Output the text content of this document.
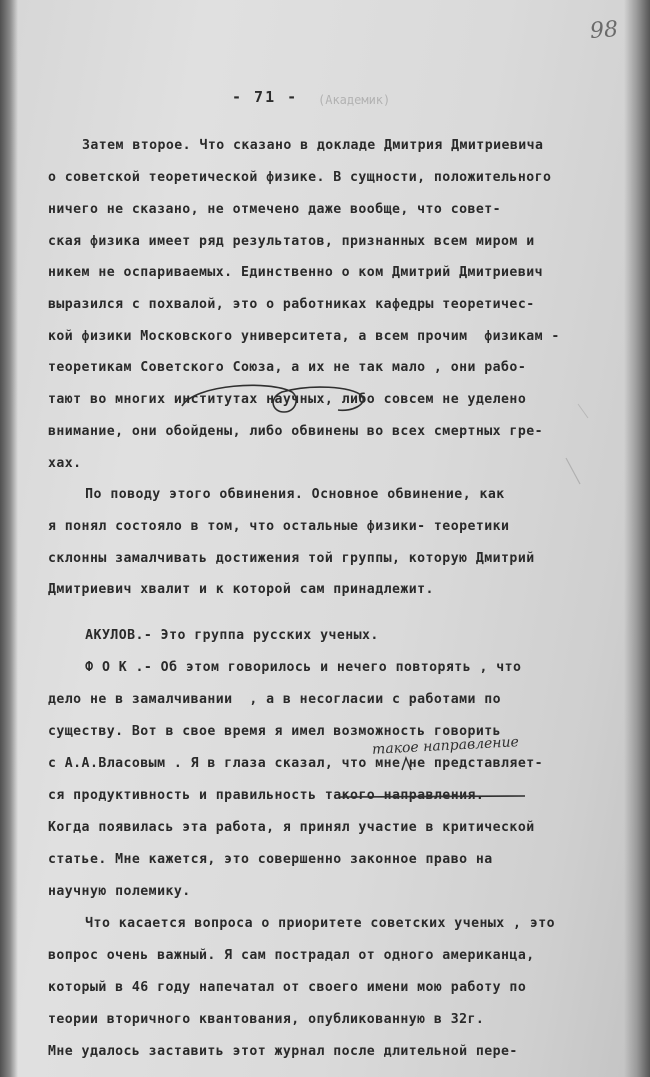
98
- 71 - (Академик)
Затем второе. Что сказано в докладе Дмитрия Дмитриевича
о советской теоретической физике. В сущности, положительного
ничего не сказано, не отмечено даже вообще, что совет-
ская физика имеет ряд результатов, признанных всем миром и
никем не оспариваемых. Единственно о ком Дмитрий Дмитриевич
выразился с похвалой, это о работниках кафедры теоретичес-
кой физики Московского университета, а всем прочим  физикам -
теоретикам Советского Союза, а их не так мало , они рабо-
тают во многих институтах научных, либо совсем не уделено
внимание, они обойдены, либо обвинены во всех смертных гре-
хах.
По поводу этого обвинения. Основное обвинение, как
я понял состояло в том, что остальные физики- теоретики
склонны замалчивать достижения той группы, которую Дмитрий
Дмитриевич хвалит и к которой сам принадлежит.
АКУЛОВ.- Это группа русских ученых.
Ф О К .- Об этом говорилось и нечего повторять , что
дело не в замалчивании  , а в несогласии с работами по
существу. Вот в свое время я имел возможность говорить
с А.А.Власовым . Я в глаза сказал, что мне не представляет-
ся продуктивность и правильность такого направления.
Когда появилась эта работа, я принял участие в критической
статье. Мне кажется, это совершенно законное право на
научную полемику.
Что касается вопроса о приоритете советских ученых , это
вопрос очень важный. Я сам пострадал от одного американца,
который в 46 году напечатал от своего имени мою работу по
теории вторичного квантования, опубликованную в 32г.
Мне удалось заставить этот журнал после длительной пере-
такое направление
